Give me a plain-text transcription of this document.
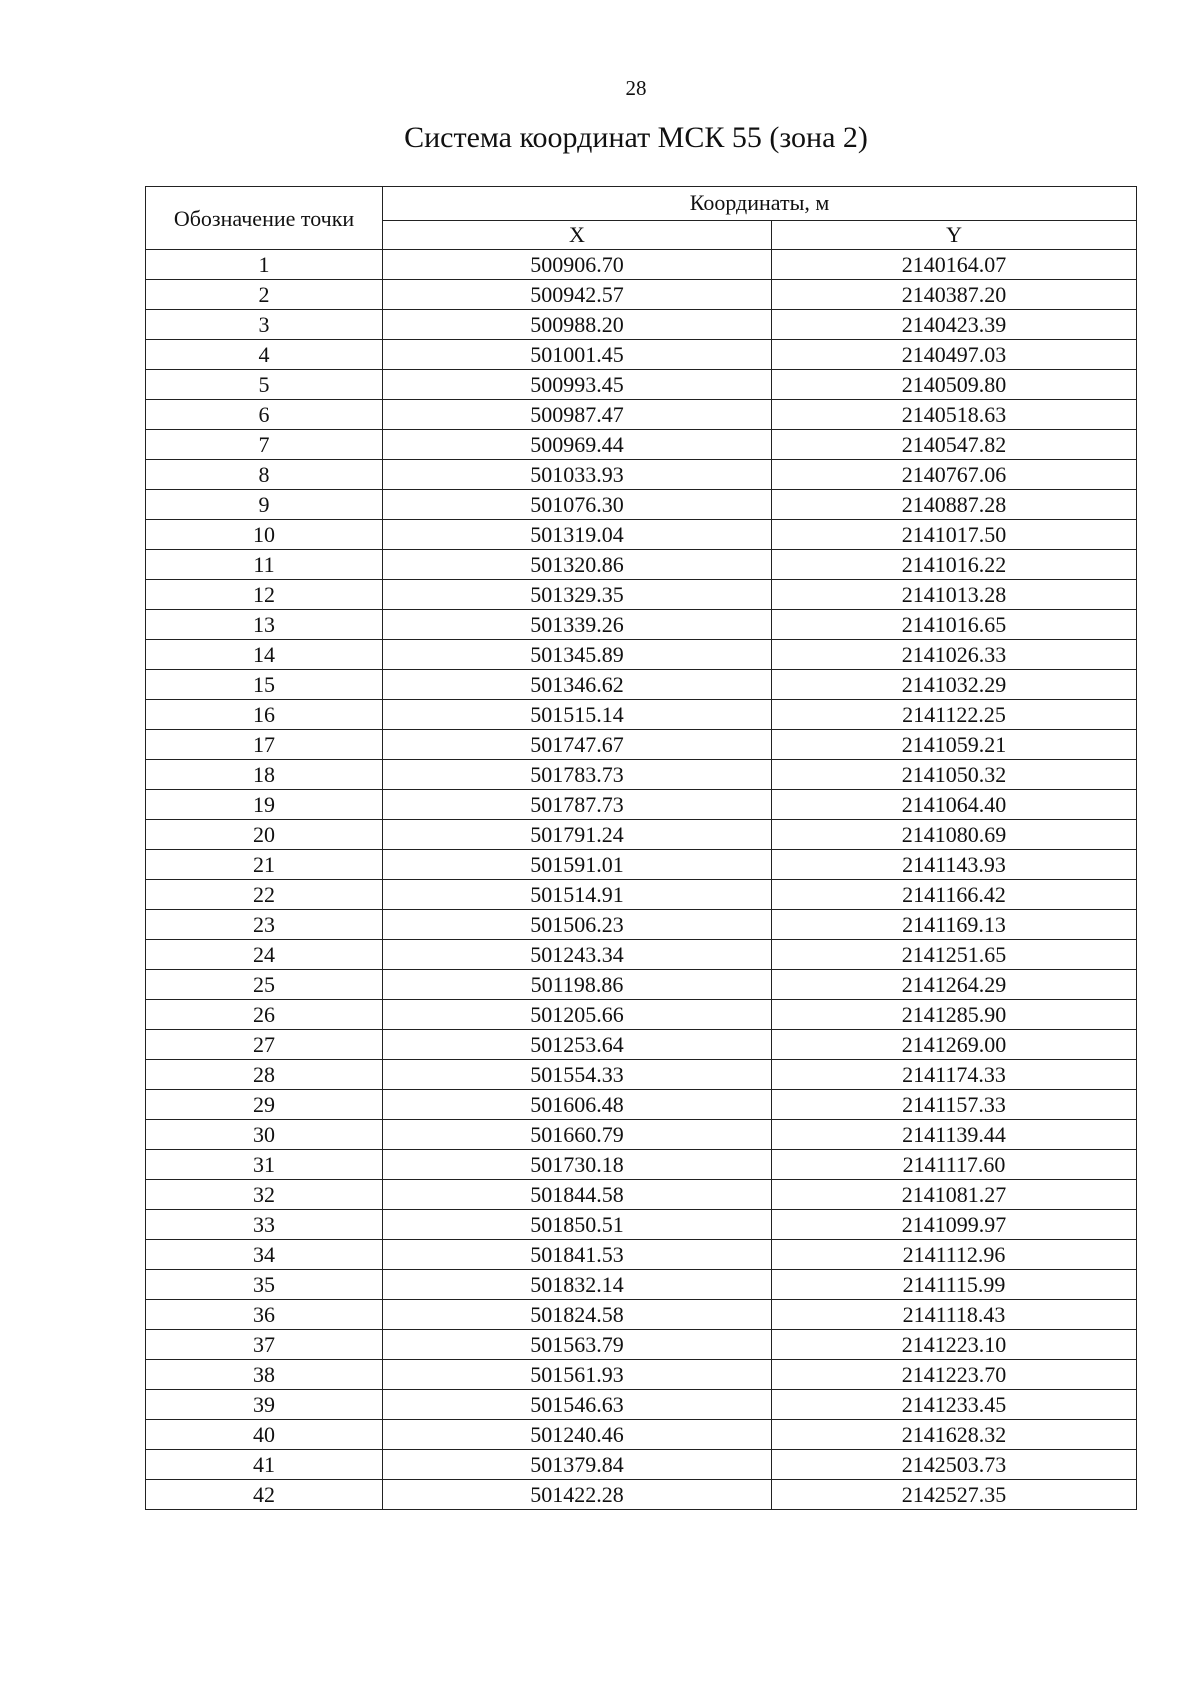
28
Система координат МСК 55 (зона 2)
Обозначение точки	Координаты, м	
	X	Y
1	500906.70	2140164.07
2	500942.57	2140387.20
3	500988.20	2140423.39
4	501001.45	2140497.03
5	500993.45	2140509.80
6	500987.47	2140518.63
7	500969.44	2140547.82
8	501033.93	2140767.06
9	501076.30	2140887.28
10	501319.04	2141017.50
11	501320.86	2141016.22
12	501329.35	2141013.28
13	501339.26	2141016.65
14	501345.89	2141026.33
15	501346.62	2141032.29
16	501515.14	2141122.25
17	501747.67	2141059.21
18	501783.73	2141050.32
19	501787.73	2141064.40
20	501791.24	2141080.69
21	501591.01	2141143.93
22	501514.91	2141166.42
23	501506.23	2141169.13
24	501243.34	2141251.65
25	501198.86	2141264.29
26	501205.66	2141285.90
27	501253.64	2141269.00
28	501554.33	2141174.33
29	501606.48	2141157.33
30	501660.79	2141139.44
31	501730.18	2141117.60
32	501844.58	2141081.27
33	501850.51	2141099.97
34	501841.53	2141112.96
35	501832.14	2141115.99
36	501824.58	2141118.43
37	501563.79	2141223.10
38	501561.93	2141223.70
39	501546.63	2141233.45
40	501240.46	2141628.32
41	501379.84	2142503.73
42	501422.28	2142527.35
